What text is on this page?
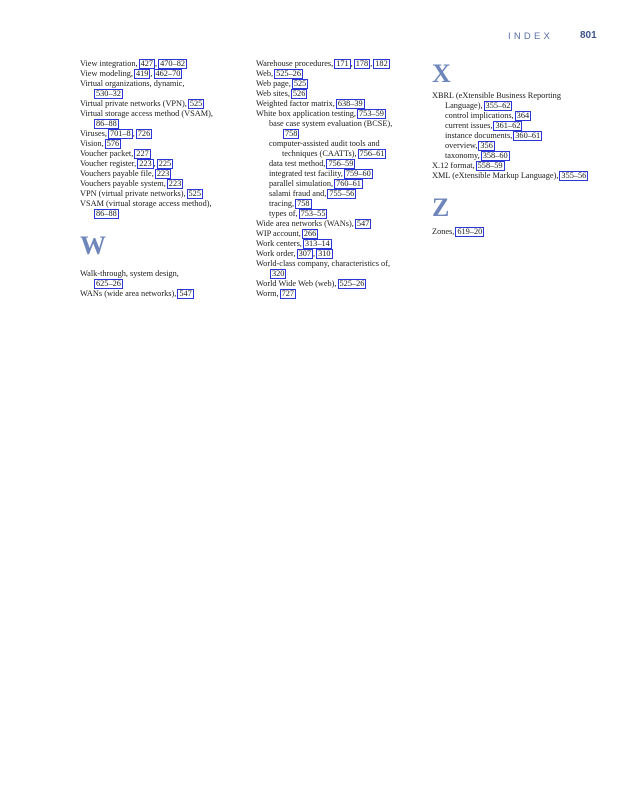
INDEX	801
View integration, 427 , 470–82
View modeling, 419 , 462–70
Virtual organizations, dynamic,
530–32
Virtual private networks (VPN), 525
Virtual storage access method (VSAM),
86–88
Viruses, 701–8 , 726
Vision, 576
Voucher packet, 227
Voucher register, 223 , 225
Vouchers payable file, 223
Vouchers payable system, 223
VPN (virtual private networks), 525
VSAM (virtual storage access method),
86–88
W
Walk-through, system design,
625–26
WANs (wide area networks), 547
Warehouse procedures, 171 , 178 , 182
Web, 525–26
Web page, 525
Web sites, 526
Weighted factor matrix, 638–39
White box application testing, 753–59
base case system evaluation (BCSE),
758
computer-assisted audit tools and
techniques (CAATTs), 756–61
data test method, 756–59
integrated test facility, 759–60
parallel simulation, 760–61
salami fraud and, 755–56
tracing, 758
types of, 753–55
Wide area networks (WANs), 547
WIP account, 266
Work centers, 313–14
Work order, 307 , 310
World-class company, characteristics of,
320
World Wide Web (web), 525–26
Worm, 727
X
XBRL (eXtensible Business Reporting
Language), 355–62
control implications, 364
current issues, 361–62
instance documents, 360–61
overview, 356
taxonomy, 358–60
X.12 format, 558–59
XML (eXtensible Markup Language), 355–56
Z
Zones, 619–20
